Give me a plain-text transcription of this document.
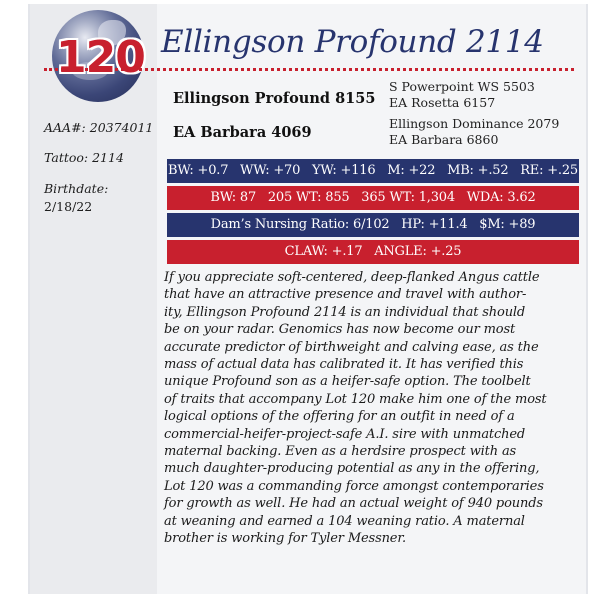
120 Ellingson Profound 2114
AAA#: 20374011
Tattoo: 2114
Birthdate:
2/18/22
Ellingson Profound 8155
EA Barbara 4069
S Powerpoint WS 5503
EA Rosetta 6157
Ellingson Dominance 2079
EA Barbara 6860
BW: +0.7   WW: +70   YW: +116   M: +22   MB: +.52   RE: +.25
BW: 87   205 WT: 855   365 WT: 1,304   WDA: 3.62
Dam’s Nursing Ratio: 6/102   HP: +11.4   $M: +89
CLAW: +.17   ANGLE: +.25
If you appreciate soft-centered, deep-flanked Angus cattle
that have an attractive presence and travel with author-
ity, Ellingson Profound 2114 is an individual that should
be on your radar. Genomics has now become our most
accurate predictor of birthweight and calving ease, as the
mass of actual data has calibrated it. It has verified this
unique Profound son as a heifer-safe option. The toolbelt
of traits that accompany Lot 120 make him one of the most
logical options of the offering for an outfit in need of a
commercial-heifer-project-safe A.I. sire with unmatched
maternal backing. Even as a herdsire prospect with as
much daughter-producing potential as any in the offering,
Lot 120 was a commanding force amongst contemporaries
for growth as well. He had an actual weight of 940 pounds
at weaning and earned a 104 weaning ratio. A maternal
brother is working for Tyler Messner.
